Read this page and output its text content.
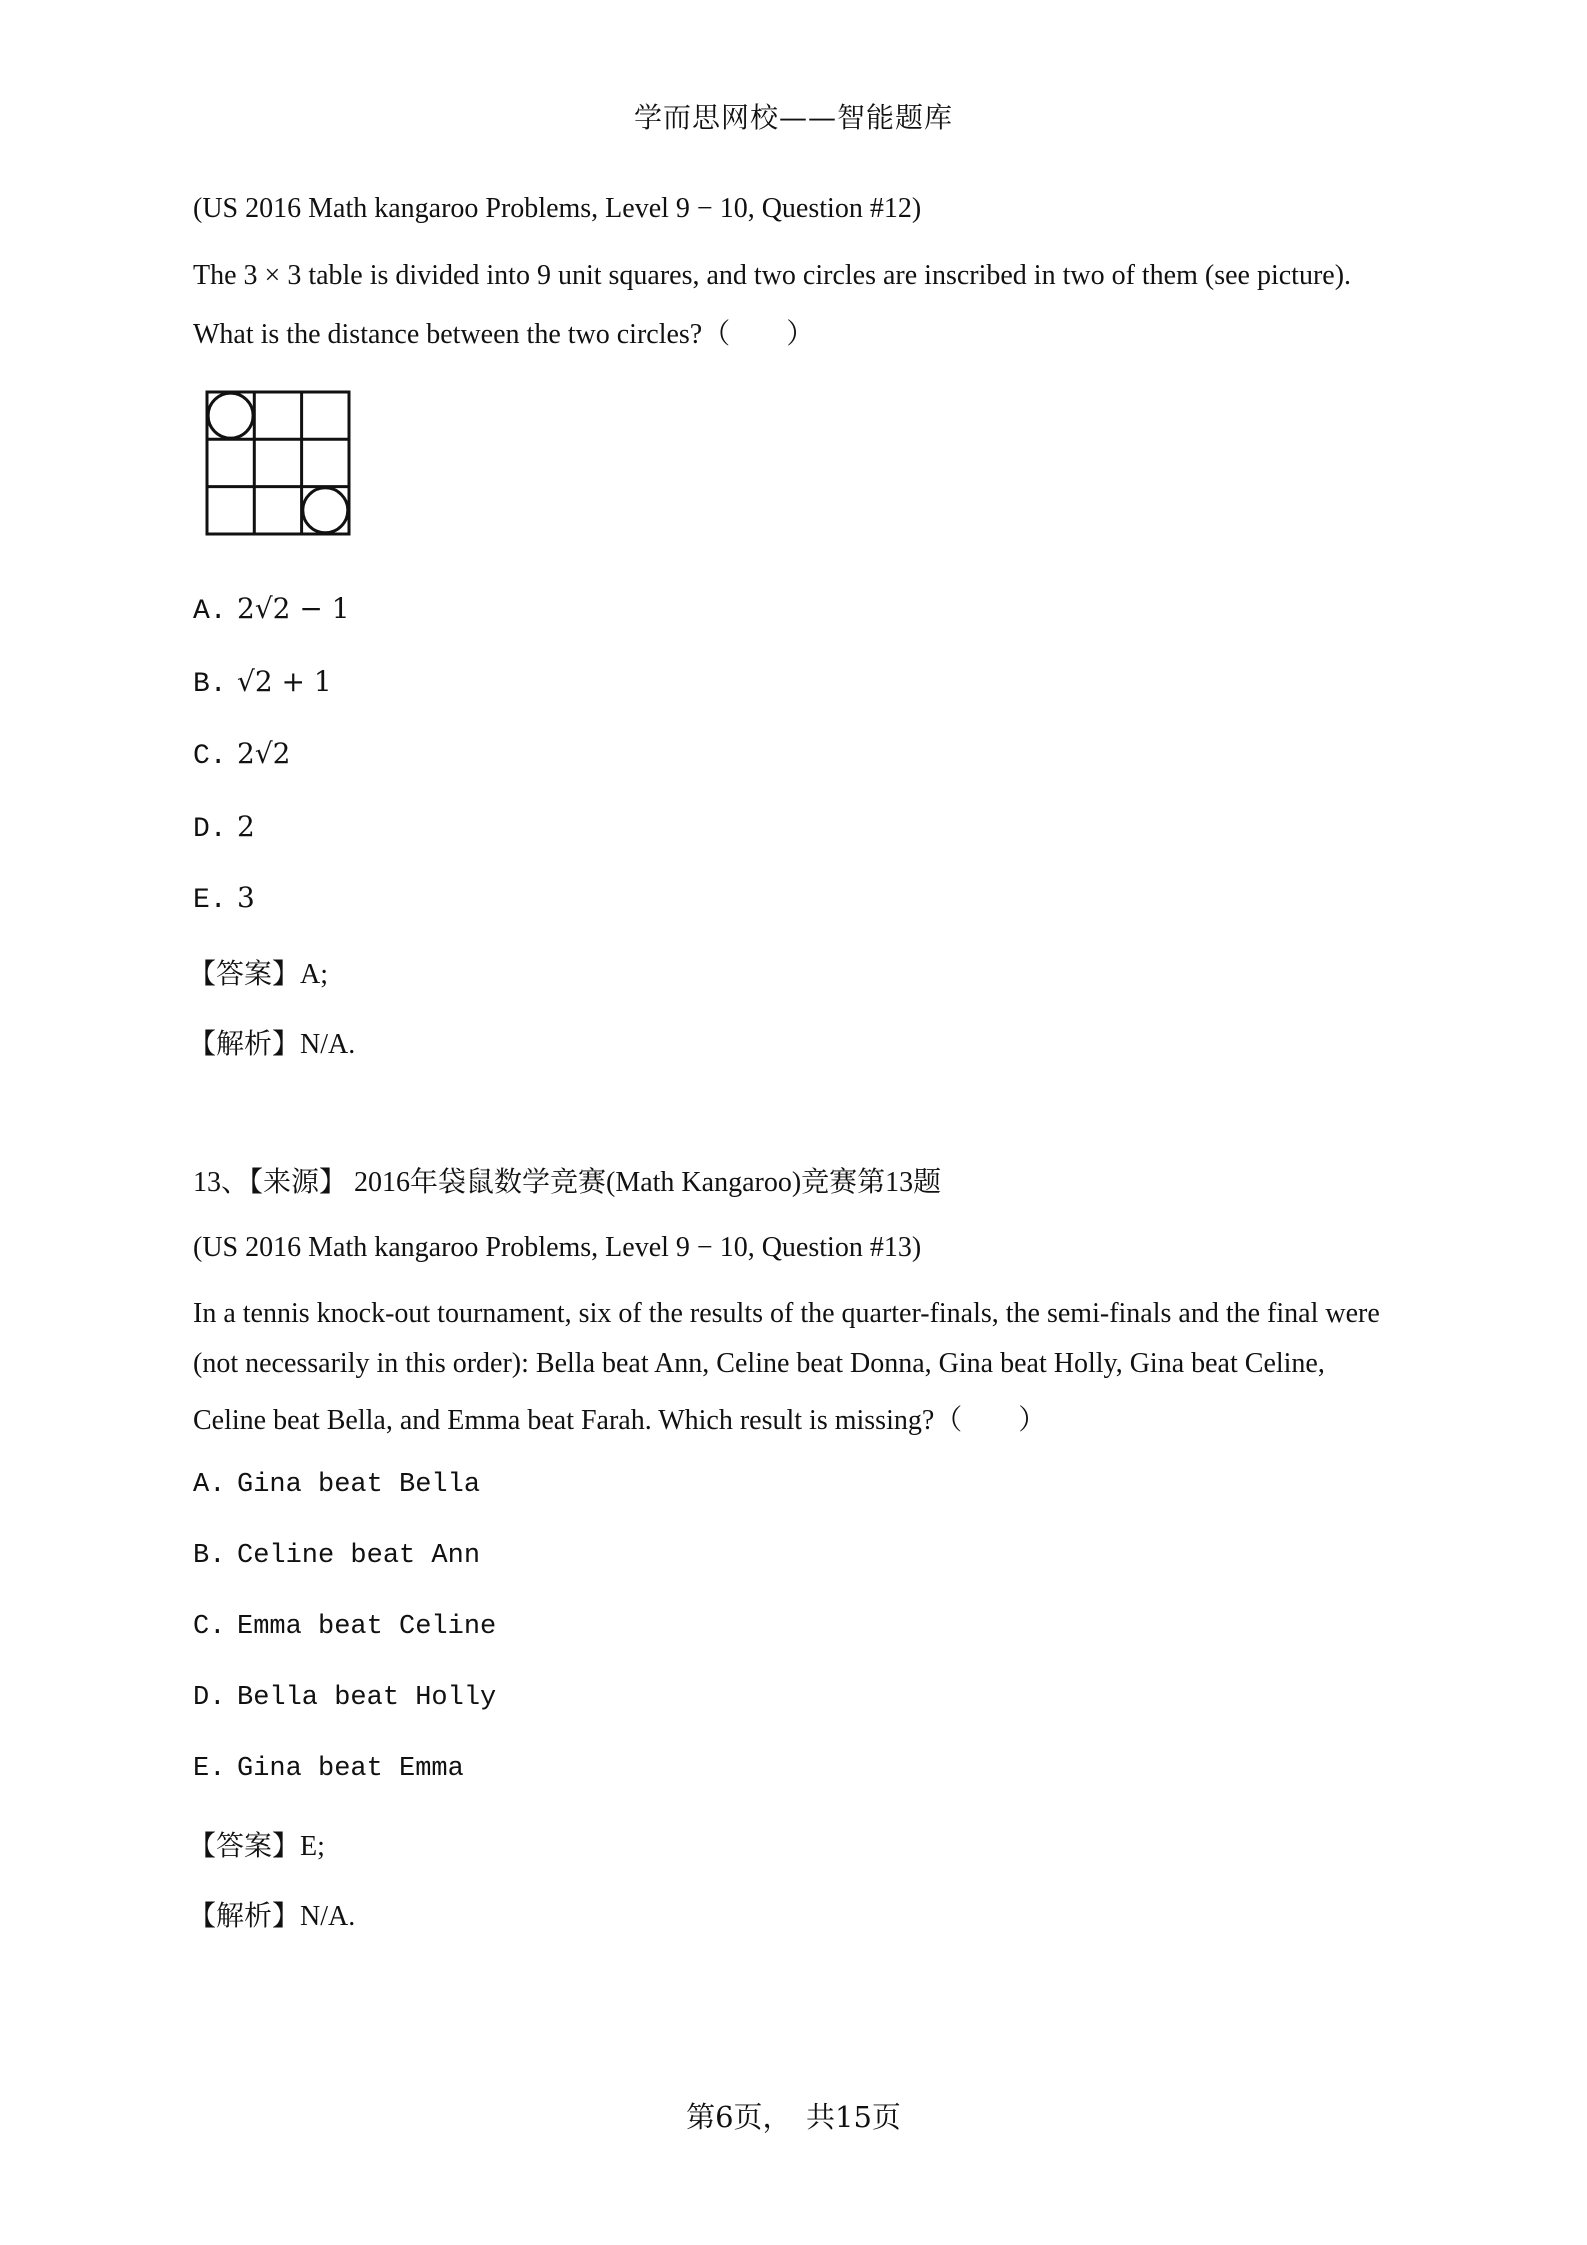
学而思网校——智能题库
(US 2016 Math kangaroo Problems, Level 9 − 10, Question #12)
The 3 × 3 table is divided into 9 unit squares, and two circles are inscribed in two of them (see picture).
What is the distance between the two circles?（　　）
A. 2√2 − 1
B. √2 + 1
C. 2√2
D. 2
E. 3
【答案】A;
【解析】N/A.
13、【来源】 2016年袋鼠数学竞赛(Math Kangaroo)竞赛第13题
(US 2016 Math kangaroo Problems, Level 9 − 10, Question #13)
In a tennis knock-out tournament, six of the results of the quarter-finals, the semi-finals and the final were
(not necessarily in this order): Bella beat Ann, Celine beat Donna, Gina beat Holly, Gina beat Celine,
Celine beat Bella, and Emma beat Farah. Which result is missing?（　　）
A. Gina beat Bella
B. Celine beat Ann
C. Emma beat Celine
D. Bella beat Holly
E. Gina beat Emma
【答案】E;
【解析】N/A.
第6页，　共15页
